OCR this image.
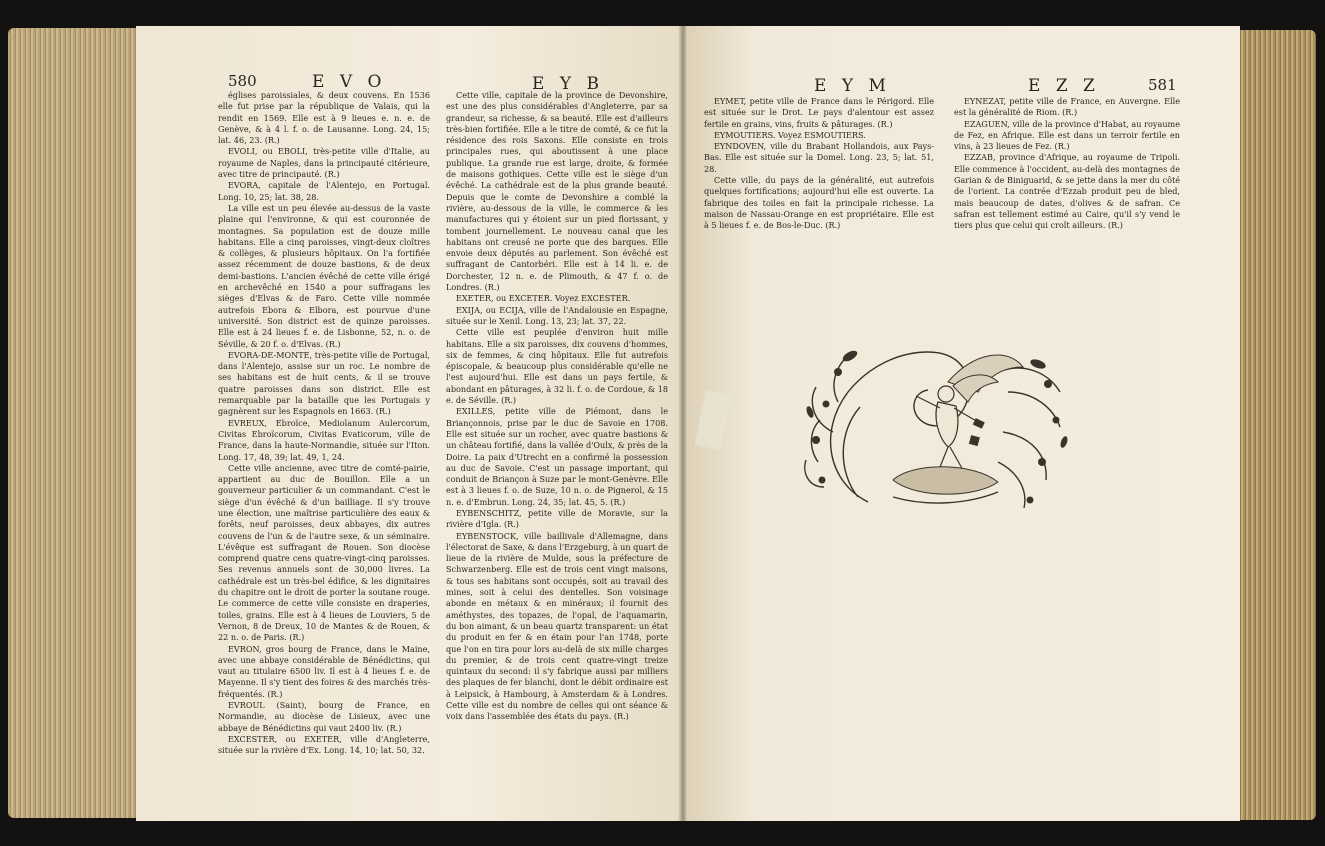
580	E V O	E Y B

églises paroissiales, & deux couvens. En 1536 elle fut prise par la république de Valais, qui la rendit en 1569. Elle est à 9 lieues e. n. e. de Genève, & à 4 l. f. o. de Lausanne. Long. 24, 15; lat. 46, 23. (R.)

EVOLI, ou EBOLI, très-petite ville d'Italie, au royaume de Naples, dans la principauté citérieure, avec titre de principauté. (R.)

EVORA, capitale de l'Alentejo, en Portugal. Long. 10, 25; lat. 38, 28.

La ville est un peu élevée au-dessus de la vaste plaine qui l'environne, & qui est couronnée de montagnes. Sa population est de douze mille habitans. Elle a cinq paroisses, vingt-deux cloîtres & collèges, & plusieurs hôpitaux. On l'a fortifiée assez récemment de douze bastions, & de deux demi-bastions. L'ancien évêché de cette ville érigé en archevêché en 1540 a pour suffragans les sièges d'Elvas & de Faro. Cette ville nommée autrefois Ebora & Elbora, est pourvue d'une université. Son district est de quinze paroisses. Elle est à 24 lieues f. e. de Lisbonne, 52, n. o. de Séville, & 20 f. o. d'Elvas. (R.)

EVORA-DE-MONTE, très-petite ville de Portugal, dans l'Alentejo, assise sur un roc. Le nombre de ses habitans est de huit cents, & il se trouve quatre paroisses dans son district. Elle est remarquable par la bataille que les Portugais y gagnèrent sur les Espagnols en 1663. (R.)

EVREUX, Ebroïce, Mediolanum Aulercorum, Civitas Ebroïcorum, Civitas Evaticorum, ville de France, dans la haute-Normandie, située sur l'Iton. Long. 17, 48, 39; lat. 49, 1, 24.

Cette ville ancienne, avec titre de comté-pairie, appartient au duc de Bouillon. Elle a un gouverneur particulier & un commandant. C'est le siège d'un évêché & d'un bailliage. Il s'y trouve une élection, une maîtrise particulière des eaux & forêts, neuf paroisses, deux abbayes, dix autres couvens de l'un & de l'autre sexe, & un séminaire. L'évêque est suffragant de Rouen. Son diocèse comprend quatre cens quatre-vingt-cinq paroisses. Ses revenus annuels sont de 30,000 livres. La cathédrale est un très-bel édifice, & les dignitaires du chapitre ont le droit de porter la soutane rouge. Le commerce de cette ville consiste en draperies, toiles, grains. Elle est à 4 lieues de Louviers, 5 de Vernon, 8 de Dreux, 10 de Mantes & de Rouen, & 22 n. o. de Paris. (R.)

EVRON, gros bourg de France, dans le Maine, avec une abbaye considérable de Bénédictins, qui vaut au titulaire 6500 liv. Il est à 4 lieues f. e. de Mayenne. Il s'y tient des foires & des marchés très-fréquentés. (R.)

EVROUL (Saint), bourg de France, en Normandie, au diocèse de Lisieux, avec une abbaye de Bénédictins qui vaut 2400 liv. (R.)

EXCESTER, ou EXETER, ville d'Angleterre, située sur la rivière d'Ex. Long. 14, 10; lat. 50, 32.

Cette ville, capitale de la province de Devonshire, est une des plus considérables d'Angleterre, par sa grandeur, sa richesse, & sa beauté. Elle est d'ailleurs très-bien fortifiée. Elle a le titre de comté, & ce fut la résidence des rois Saxons. Elle consiste en trois principales rues, qui aboutissent à une place publique. La grande rue est large, droite, & formée de maisons gothiques. Cette ville est le siège d'un évêché. La cathédrale est de la plus grande beauté. Depuis que le comte de Devonshire a comblé la rivière, au-dessous de la ville, le commerce & les manufactures qui y étoient sur un pied florissant, y tombent journellement. Le nouveau canal que les habitans ont creusé ne porte que des barques. Elle envoie deux députés au parlement. Son évêché est suffragant de Cantorbéri. Elle est à 14 li. e. de Dorchester, 12 n. e. de Plimouth, & 47 f. o. de Londres. (R.)

EXETER, ou EXCETER. Voyez EXCESTER.

EXIJA, ou ECIJA, ville de l'Andalousie en Espagne, située sur le Xenil. Long. 13, 23; lat. 37, 22.

Cette ville est peuplée d'environ huit mille habitans. Elle a six paroisses, dix couvens d'hommes, six de femmes, & cinq hôpitaux. Elle fut autrefois épiscopale, & beaucoup plus considérable qu'elle ne l'est aujourd'hui. Elle est dans un pays fertile, & abondant en pâturages, à 32 li. f. o. de Cordoue, & 18 e. de Séville. (R.)

EXILLES, petite ville de Piémont, dans le Briançonnois, prise par le duc de Savoie en 1708. Elle est située sur un rocher, avec quatre bastions & un château fortifié, dans la vallée d'Oulx, & près de la Doire. La paix d'Utrecht en a confirmé la possession au duc de Savoie. C'est un passage important, qui conduit de Briançon à Suze par le mont-Genèvre. Elle est à 3 lieues f. o. de Suze, 10 n. o. de Pignerol, & 15 n. e. d'Embrun. Long. 24, 35; lat. 45, 5. (R.)

EYBENSCHITZ, petite ville de Moravie, sur la rivière d'Igla. (R.)

EYBENSTOCK, ville baillivale d'Allemagne, dans l'électorat de Saxe, & dans l'Erzgeburg, à un quart de lieue de la rivière de Mulde, sous la préfecture de Schwarzenberg. Elle est de trois cent vingt maisons, & tous ses habitans sont occupés, soit au travail des mines, soit à celui des dentelles. Son voisinage abonde en métaux & en minéraux; il fournit des améthystes, des topazes, de l'opal, de l'aquamarin, du bon aimant, & un beau quartz transparent: un état du produit en fer & en étain pour l'an 1748, porte que l'on en tira pour lors au-delà de six mille charges du premier, & de trois cent quatre-vingt treize quintaux du second: il s'y fabrique aussi par milliers des plaques de fer blanchi, dont le débit ordinaire est à Leipsick, à Hambourg, à Amsterdam & à Londres. Cette ville est du nombre de celles qui ont séance & voix dans l'assemblée des états du pays. (R.)

E Y M	E Z Z	581

EYMET, petite ville de France dans le Périgord. Elle est située sur le Drot. Le pays d'alentour est assez fertile en grains, vins, fruits & pâturages. (R.)

EYMOUTIERS. Voyez ESMOUTIERS.

EYNDOVEN, ville du Brabant Hollandois, aux Pays-Bas. Elle est située sur la Domel. Long. 23, 5; lat. 51, 28.

Cette ville, du pays de la généralité, eut autrefois quelques fortifications; aujourd'hui elle est ouverte. La fabrique des toiles en fait la principale richesse. La maison de Nassau-Orange en est propriétaire. Elle est à 5 lieues f. e. de Bos-le-Duc. (R.)

EYNEZAT, petite ville de France, en Auvergne. Elle est la généralité de Riom. (R.)

EZAGUEN, ville de la province d'Habat, au royaume de Fez, en Afrique. Elle est dans un terroir fertile en vins, à 23 lieues de Fez. (R.)

EZZAB, province d'Afrique, au royaume de Tripoli. Elle commence à l'occident, au-delà des montagnes de Garian & de Biniguarid, & se jette dans la mer du côté de l'orient. La contrée d'Ezzab produit peu de bled, mais beaucoup de dates, d'olives & de safran. Ce safran est tellement estimé au Caire, qu'il s'y vend le tiers plus que celui qui croît ailleurs. (R.)
